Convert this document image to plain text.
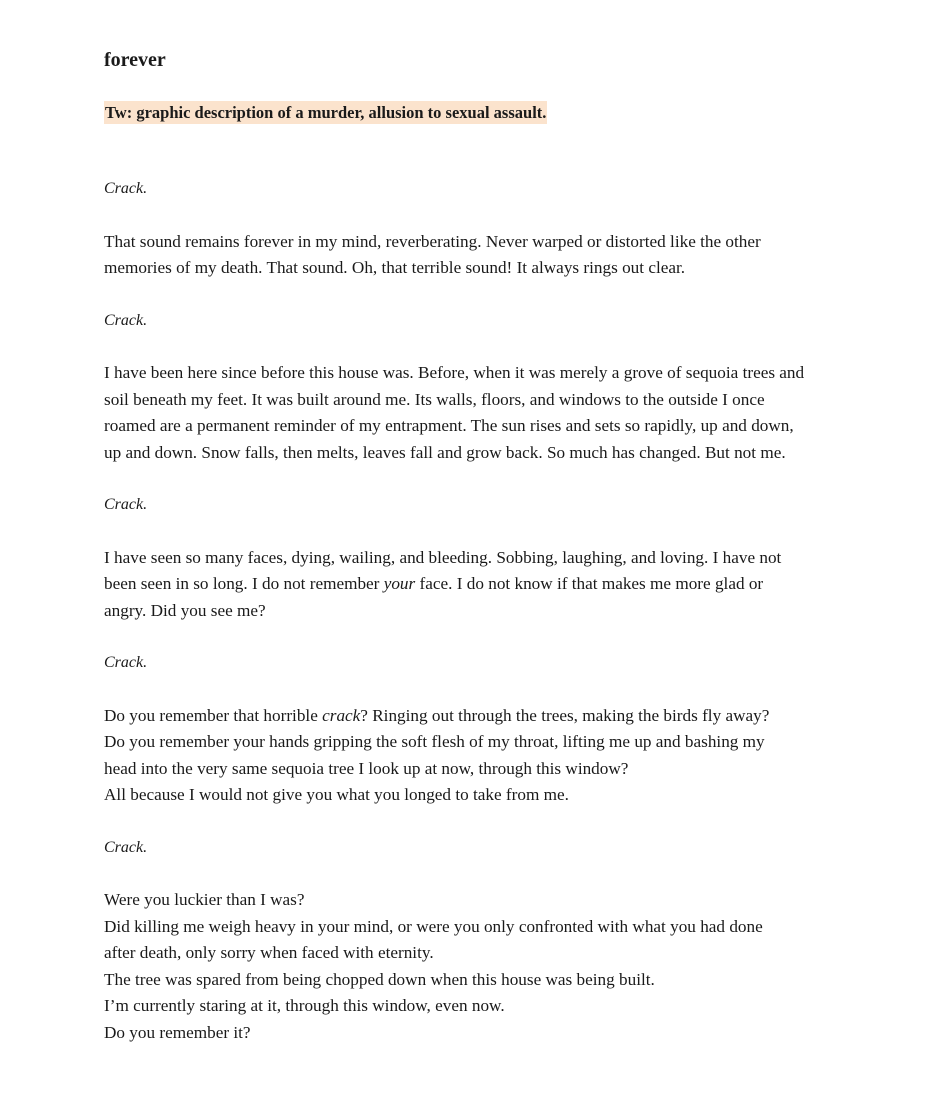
forever
Tw: graphic description of a murder, allusion to sexual assault.

Crack.

That sound remains forever in my mind, reverberating. Never warped or distorted like the other
memories of my death. That sound. Oh, that terrible sound! It always rings out clear.

Crack.

I have been here since before this house was. Before, when it was merely a grove of sequoia trees and
soil beneath my feet. It was built around me. Its walls, floors, and windows to the outside I once
roamed are a permanent reminder of my entrapment. The sun rises and sets so rapidly, up and down,
up and down. Snow falls, then melts, leaves fall and grow back. So much has changed. But not me.

Crack.

I have seen so many faces, dying, wailing, and bleeding. Sobbing, laughing, and loving. I have not
been seen in so long. I do not remember your face. I do not know if that makes me more glad or
angry. Did you see me?

Crack.

Do you remember that horrible crack? Ringing out through the trees, making the birds fly away?
Do you remember your hands gripping the soft flesh of my throat, lifting me up and bashing my
head into the very same sequoia tree I look up at now, through this window?
All because I would not give you what you longed to take from me.

Crack.

Were you luckier than I was?
Did killing me weigh heavy in your mind, or were you only confronted with what you had done
after death, only sorry when faced with eternity.
The tree was spared from being chopped down when this house was being built.
I’m currently staring at it, through this window, even now.
Do you remember it?
